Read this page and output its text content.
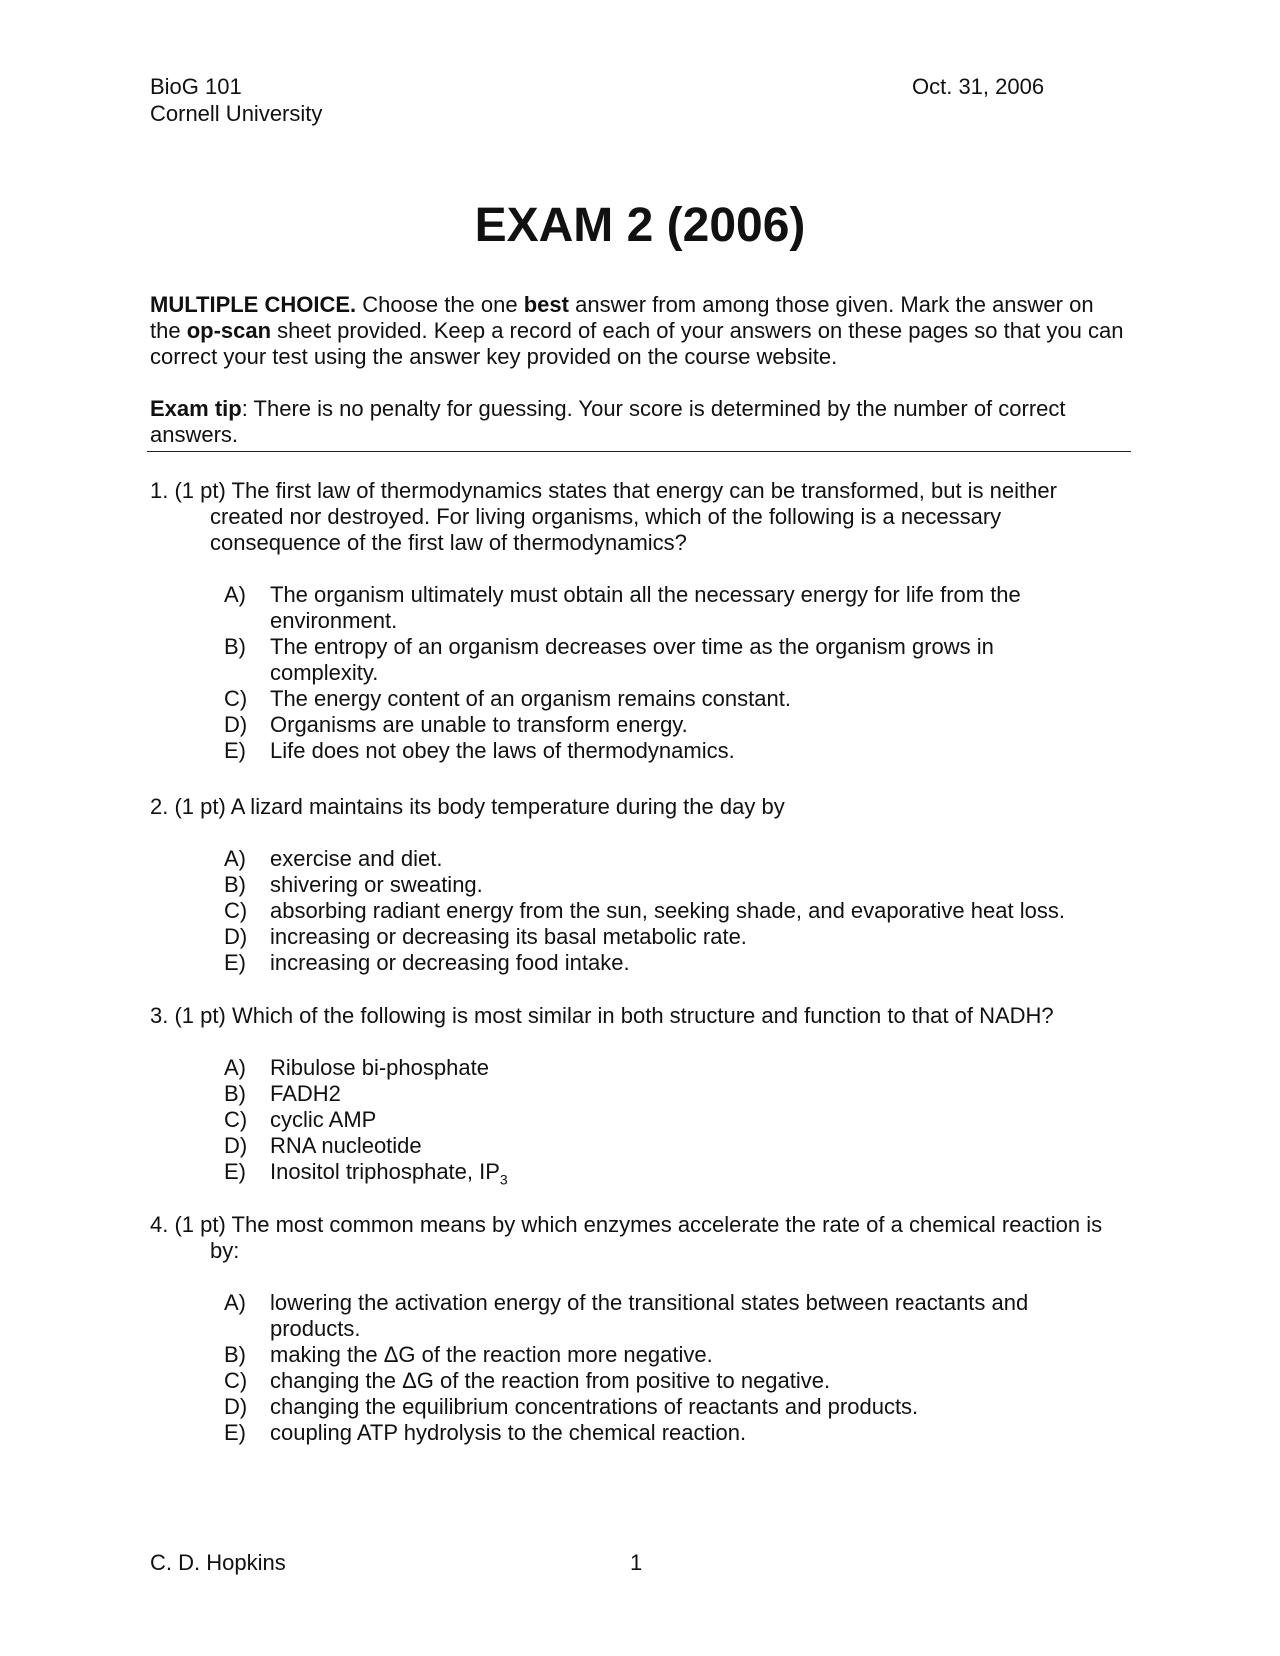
BioG 101
Cornell University
Oct. 31, 2006
EXAM 2 (2006)
MULTIPLE CHOICE. Choose the one best answer from among those given. Mark the answer on the op-scan sheet provided. Keep a record of each of your answers on these pages so that you can correct your test using the answer key provided on the course website.
Exam tip: There is no penalty for guessing. Your score is determined by the number of correct answers.
1. (1 pt) The first law of thermodynamics states that energy can be transformed, but is neither created nor destroyed. For living organisms, which of the following is a necessary consequence of the first law of thermodynamics?
A) The organism ultimately must obtain all the necessary energy for life from the environment.
B) The entropy of an organism decreases over time as the organism grows in complexity.
C) The energy content of an organism remains constant.
D) Organisms are unable to transform energy.
E) Life does not obey the laws of thermodynamics.
2. (1 pt) A lizard maintains its body temperature during the day by
A) exercise and diet.
B) shivering or sweating.
C) absorbing radiant energy from the sun, seeking shade, and evaporative heat loss.
D) increasing or decreasing its basal metabolic rate.
E) increasing or decreasing food intake.
3. (1 pt) Which of the following is most similar in both structure and function to that of NADH?
A) Ribulose bi-phosphate
B) FADH2
C) cyclic AMP
D) RNA nucleotide
E) Inositol triphosphate, $IP_3$
4. (1 pt) The most common means by which enzymes accelerate the rate of a chemical reaction is by:
A) lowering the activation energy of the transitional states between reactants and products.
B) making the ΔG of the reaction more negative.
C) changing the ΔG of the reaction from positive to negative.
D) changing the equilibrium concentrations of reactants and products.
E) coupling ATP hydrolysis to the chemical reaction.
C. D. Hopkins	1
